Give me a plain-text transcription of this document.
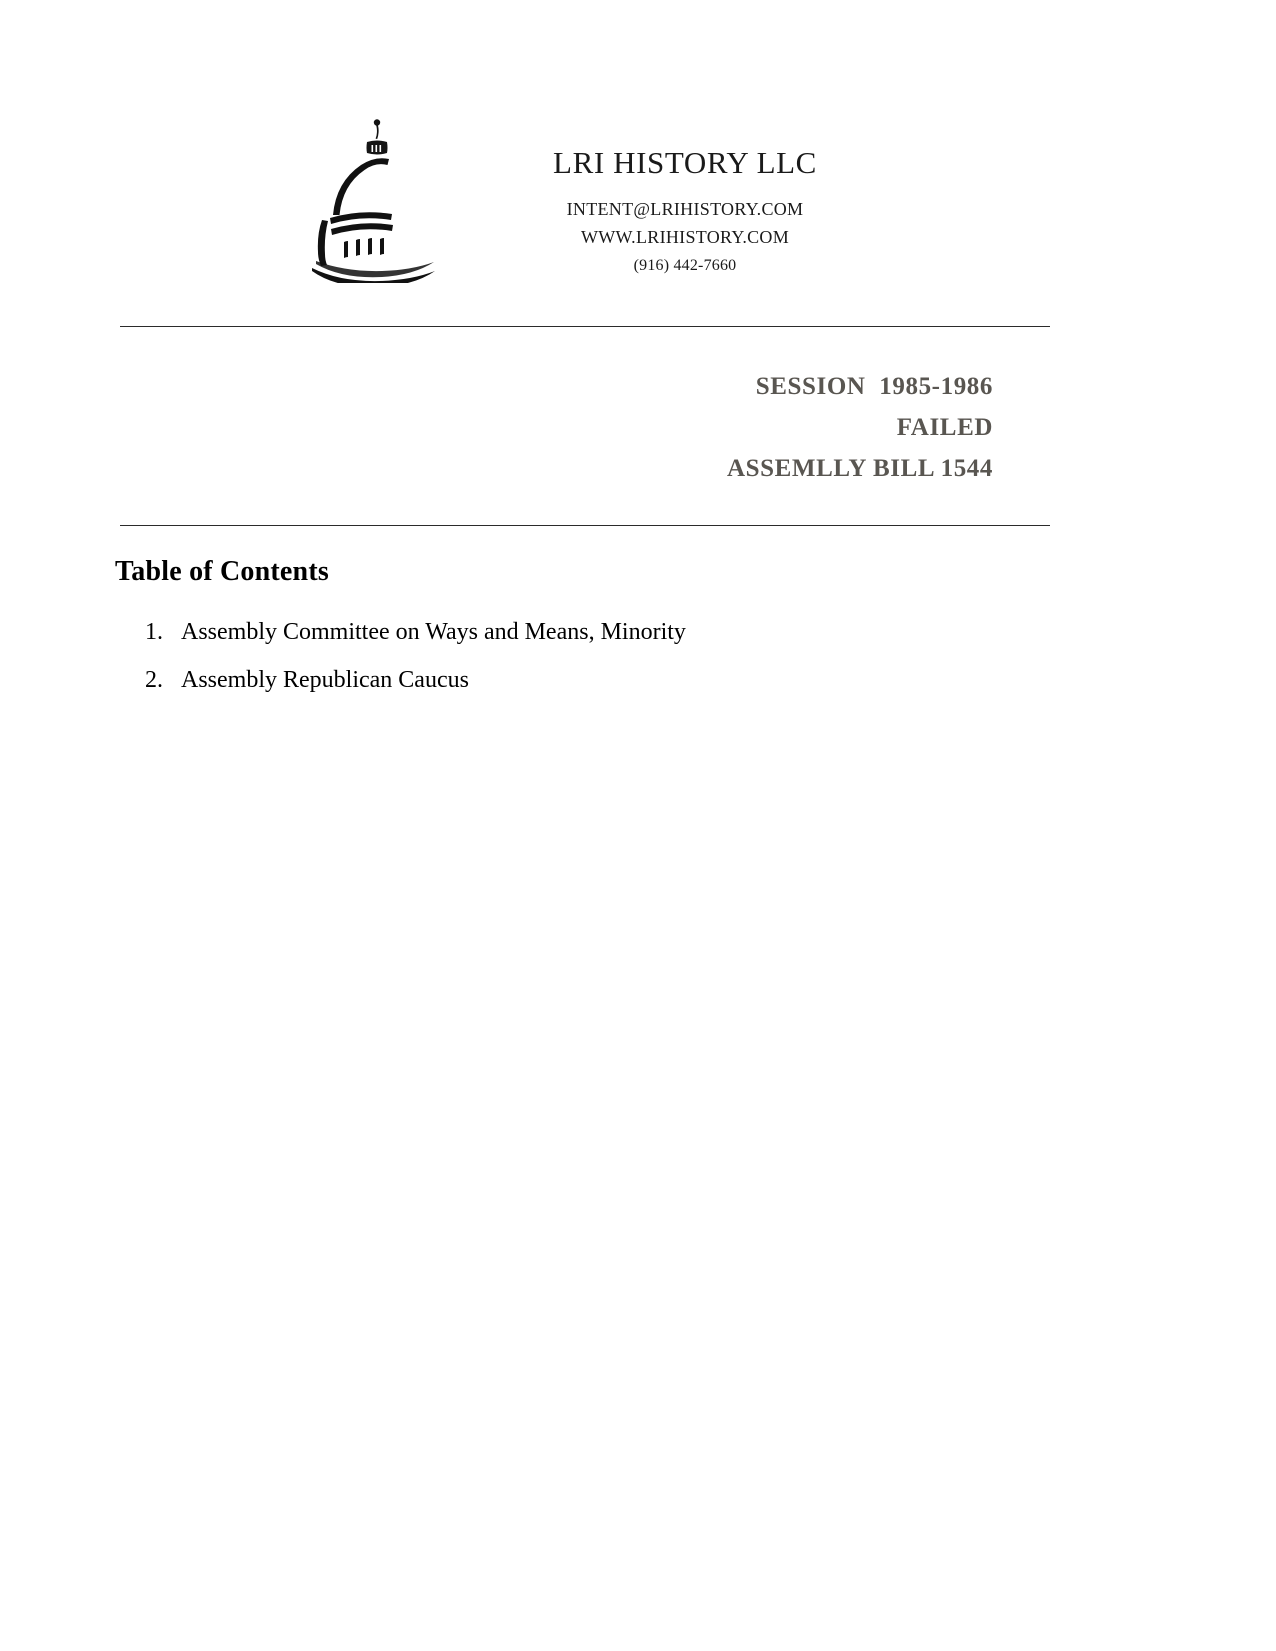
LRI HISTORY LLC
INTENT@LRIHISTORY.COM
WWW.LRIHISTORY.COM
(916) 442-7660
SESSION  1985-1986
FAILED
ASSEMLLY BILL 1544
Table of Contents
1. Assembly Committee on Ways and Means, Minority
2. Assembly Republican Caucus
